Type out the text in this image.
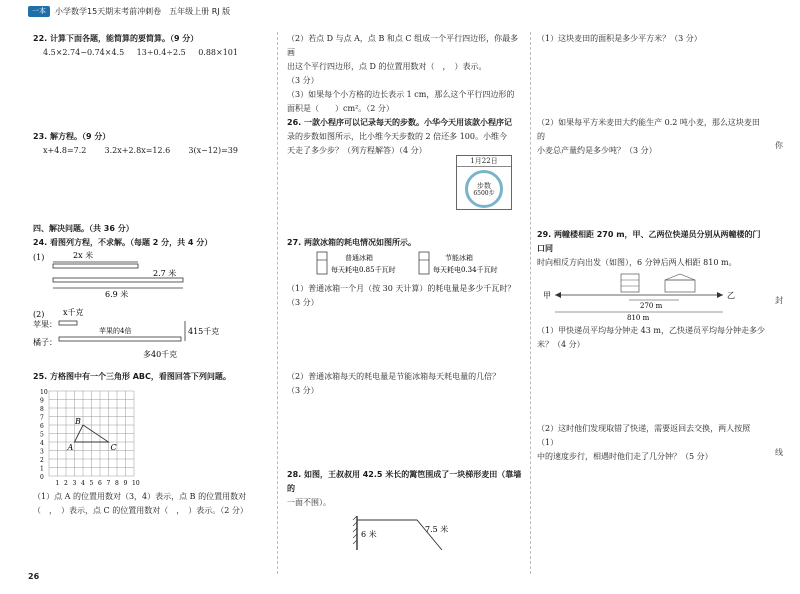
一本	小学数学15天期末考前冲刺卷　五年级上册 RJ 版

22. 计算下面各题，能简算的要简算。（9 分）

4.5×2.74−0.74×4.5 13÷0.4÷2.5 0.88×101

23. 解方程。（9 分）

x+4.8=7.2 3.2x+2.8x=12.6 3(x−12)=39

四、解决问题。（共 36 分）

24. 看图列方程，不求解。（每题 2 分，共 4 分）

(1)	2x 米
2.7 米
6.9 米

(2) x千克
苹果：
苹果的4倍
橘子：
415千克
多40千克

25. 方格图中有一个三角形 ABC，看图回答下列问题。

10
9
8
7
6
5
4
3
2
1
0
1 2 3 4 5 6 7 8 9 10
A
B
C

（1）点 A 的位置用数对（3，4）表示，点 B 的位置用数对

（　，　）表示，点 C 的位置用数对（　，　）表示。（2 分）

（2）若点 D 与点 A，点 B 和点 C 组成一个平行四边形，你最多画

出这个平行四边形，点 D 的位置用数对（　，　）表示。

（3 分）

（3）如果每个小方格的边长表示 1 cm，那么这个平行四边形的

面积是（　　）cm²。（2 分）

26. 一款小程序可以记录每天的步数。小华今天用该款小程序记

录的步数如图所示，比小维今天步数的 2 倍还多 100。小维今

天走了多少步？（列方程解答）（4 分）

27. 两款冰箱的耗电情况如图所示。

普通冰箱
每天耗电0.85千瓦时
节能冰箱
每天耗电0.34千瓦时

（1）普通冰箱一个月（按 30 天计算）的耗电量是多少千瓦时？

（3 分）

（2）普通冰箱每天的耗电量是节能冰箱每天耗电量的几倍？

（3 分）

28. 如图，王叔叔用 42.5 米长的篱笆围成了一块梯形麦田（靠墙的

一面不围）。

6 米
7.5 米
1月22日
步数
6500步

（1）这块麦田的面积是多少平方米？（3 分）

（2）如果每平方米麦田大约能生产 0.2 吨小麦，那么这块麦田的

小麦总产量约是多少吨？（3 分）

29. 两幢楼相距 270 m，甲、乙两位快递员分别从两幢楼的门口同

时向相反方向出发（如图），6 分钟后两人相距 810 m。

甲	乙
270 m
810 m

（1）甲快递员平均每分钟走 43 m，乙快递员平均每分钟走多少

米？（4 分）

（2）这时他们发现取错了快递，需要返回去交换，两人按照（1）

中的速度步行，相遇时他们走了几分钟？（5 分）

你
封
线
26
